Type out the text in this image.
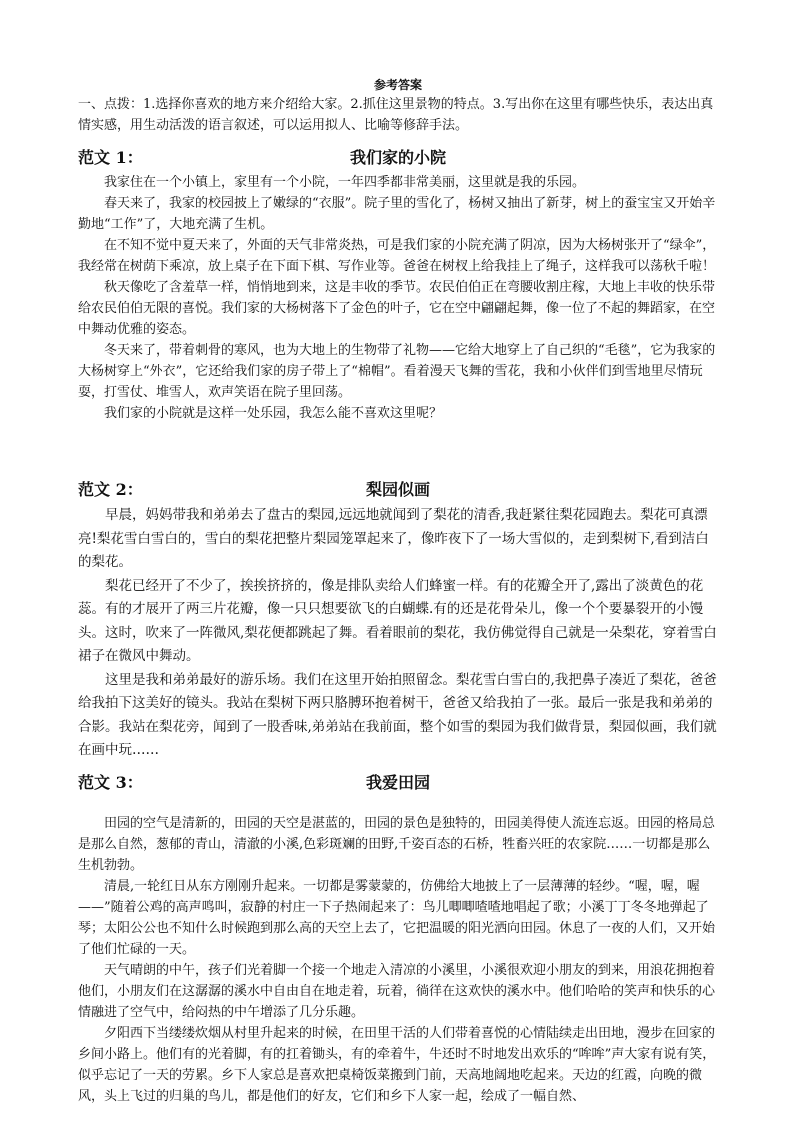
参考答案

一、点拨：1.选择你喜欢的地方来介绍给大家。2.抓住这里景物的特点。3.写出你在这里有哪些快乐，表达出真情实感，用生动活泼的语言叙述，可以运用拟人、比喻等修辞手法。

范文 1：	我们家的小院

我家住在一个小镇上，家里有一个小院，一年四季都非常美丽，这里就是我的乐园。

春天来了，我家的校园披上了嫩绿的“衣服”。院子里的雪化了，杨树又抽出了新芽，树上的蚕宝宝又开始辛勤地“工作”了，大地充满了生机。

在不知不觉中夏天来了，外面的天气非常炎热，可是我们家的小院充满了阴凉，因为大杨树张开了“绿伞”，我经常在树荫下乘凉，放上桌子在下面下棋、写作业等。爸爸在树杈上给我挂上了绳子，这样我可以荡秋千啦！

秋天像吃了含羞草一样，悄悄地到来，这是丰收的季节。农民伯伯正在弯腰收割庄稼，大地上丰收的快乐带给农民伯伯无限的喜悦。我们家的大杨树落下了金色的叶子，它在空中翩翩起舞，像一位了不起的舞蹈家，在空中舞动优雅的姿态。

冬天来了，带着刺骨的寒风，也为大地上的生物带了礼物——它给大地穿上了自己织的“毛毯”，它为我家的大杨树穿上“外衣”，它还给我们家的房子带上了“棉帽”。看着漫天飞舞的雪花，我和小伙伴们到雪地里尽情玩耍，打雪仗、堆雪人，欢声笑语在院子里回荡。

我们家的小院就是这样一处乐园，我怎么能不喜欢这里呢？

范文 2：	梨园似画

早晨，妈妈带我和弟弟去了盘古的梨园,远远地就闻到了梨花的清香,我赶紧往梨花园跑去。梨花可真漂亮!梨花雪白雪白的，雪白的梨花把整片梨园笼罩起来了，像昨夜下了一场大雪似的，走到梨树下,看到洁白的梨花。

梨花已经开了不少了，挨挨挤挤的，像是排队卖给人们蜂蜜一样。有的花瓣全开了,露出了淡黄色的花蕊。有的才展开了两三片花瓣，像一只只想要欲飞的白蝴蝶.有的还是花骨朵儿，像一个个要暴裂开的小馒头。这时，吹来了一阵微风,梨花便都跳起了舞。看着眼前的梨花，我仿佛觉得自己就是一朵梨花，穿着雪白裙子在微风中舞动。

这里是我和弟弟最好的游乐场。我们在这里开始拍照留念。梨花雪白雪白的,我把鼻子凑近了梨花，爸爸给我拍下这美好的镜头。我站在梨树下两只胳膊环抱着树干，爸爸又给我拍了一张。最后一张是我和弟弟的合影。我站在梨花旁，闻到了一股香味,弟弟站在我前面，整个如雪的梨园为我们做背景，梨园似画，我们就在画中玩……

范文 3：	我爱田园

田园的空气是清新的，田园的天空是湛蓝的，田园的景色是独特的，田园美得使人流连忘返。田园的格局总是那么自然，葱郁的青山，清澈的小溪,色彩斑斓的田野,千姿百态的石桥，牲畜兴旺的农家院……一切都是那么生机勃勃。

清晨,一轮红日从东方刚刚升起来。一切都是雾蒙蒙的，仿佛给大地披上了一层薄薄的轻纱。“喔，喔，喔——”随着公鸡的高声鸣叫，寂静的村庄一下子热闹起来了：鸟儿唧唧喳喳地唱起了歌；小溪丁丁冬冬地弹起了琴；太阳公公也不知什么时候跑到那么高的天空上去了，它把温暖的阳光洒向田园。休息了一夜的人们，又开始了他们忙碌的一天。

天气晴朗的中午，孩子们光着脚一个接一个地走入清凉的小溪里，小溪很欢迎小朋友的到来，用浪花拥抱着他们，小朋友们在这潺潺的溪水中自由自在地走着，玩着，徜徉在这欢快的溪水中。他们哈哈的笑声和快乐的心情融进了空气中，给闷热的中午增添了几分乐趣。

夕阳西下当缕缕炊烟从村里升起来的时候，在田里干活的人们带着喜悦的心情陆续走出田地，漫步在回家的乡间小路上。他们有的光着脚，有的扛着锄头，有的牵着牛，牛还时不时地发出欢乐的“哞哞”声大家有说有笑，似乎忘记了一天的劳累。乡下人家总是喜欢把桌椅饭菜搬到门前，天高地阔地吃起来。天边的红霞，向晚的微风，头上飞过的归巢的鸟儿，都是他们的好友，它们和乡下人家一起，绘成了一幅自然、
